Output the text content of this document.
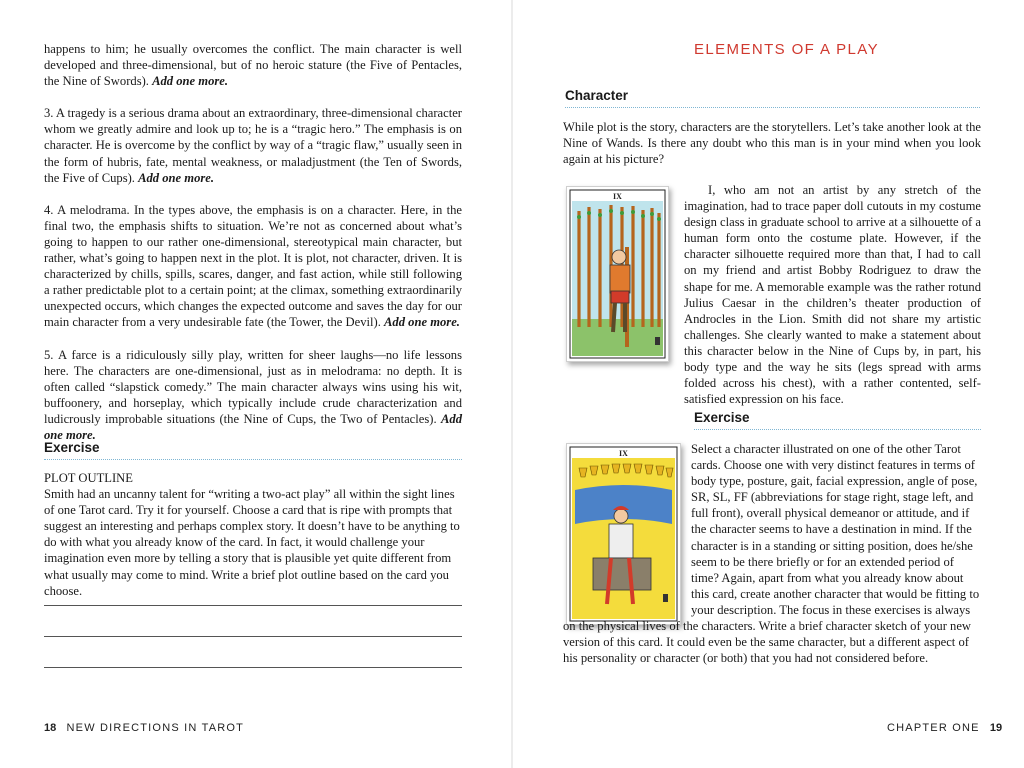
happens to him; he usually overcomes the conflict. The main character is well developed and three-dimensional, but of no heroic stature (the Five of Pentacles, the Nine of Swords). Add one more.

3. A tragedy is a serious drama about an extraordinary, three-dimensional character whom we greatly admire and look up to; he is a “tragic hero.” The emphasis is on character. He is overcome by the conflict by way of a “tragic flaw,” usually seen in the form of hubris, fate, mental weakness, or maladjustment (the Ten of Swords, the Five of Cups). Add one more.

4. A melodrama. In the types above, the emphasis is on a character. Here, in the final two, the emphasis shifts to situation. We’re not as concerned about what’s going to happen to our rather one-dimensional, stereotypical main character, but rather, what’s going to happen next in the plot. It is plot, not character, driven. It is characterized by chills, spills, scares, danger, and fast action, while still following a rather predictable plot to a certain point; at the climax, something extraordinarily unexpected occurs, which changes the expected outcome and saves the day for our main character from a very undesirable fate (the Tower, the Devil). Add one more.

5. A farce is a ridiculously silly play, written for sheer laughs—no life lessons here. The characters are one-dimensional, just as in melodrama: no depth. It is often called “slapstick comedy.” The main character always wins using his wit, buffoonery, and horseplay, which typically include crude characterization and ludicrously improbable situations (the Nine of Cups, the Two of Pentacles). Add one more.

Exercise
PLOT OUTLINE
Smith had an uncanny talent for “writing a two-act play” all within the sight lines of one Tarot card. Try it for yourself. Choose a card that is ripe with prompts that suggest an interesting and perhaps complex story. It doesn’t have to be anything to do with what you already know of the card. In fact, it would challenge your imagination even more by telling a story that is plausible yet quite different from what usually may come to mind. Write a brief plot outline based on the card you choose.
18 NEW DIRECTIONS IN TAROT
ELEMENTS OF A PLAY
Character
While plot is the story, characters are the storytellers. Let’s take another look at the Nine of Wands. Is there any doubt who this man is in your mind when you look again at his picture?
IX	I, who am not an artist by any stretch of the imagination, had to trace paper doll cutouts in my costume design class in graduate school to arrive at a silhouette of a human form onto the costume plate. However, if the character silhouette required more than that, I had to call on my friend and artist Bobby Rodriguez to draw the shape for me. A memorable example was the rather rotund Julius Caesar in the children’s theater production of Androcles in the Lion. Smith did not share my artistic challenges. She clearly wanted to make a statement about this character below in the Nine of Cups by, in part, his body type and the way he sits (legs spread with arms folded across his chest), with a rather contented, self-satisfied expression on his face.
Exercise
IX	Select a character illustrated on one of the other Tarot cards. Choose one with very distinct features in terms of body type, posture, gait, facial expression, angle of pose, SR, SL, FF (abbreviations for stage right, stage left, and full front), overall physical demeanor or attitude, and if the character seems to have a destination in mind. If the character is in a standing or sitting position, does he/she seem to be there briefly or for an extended period of time? Again, apart from what you already know about this card, create another character that would be fitting to your description. The focus in these exercises is always on the physical lives of the characters. Write a brief character sketch of your new version of this card. It could even be the same character, but a different aspect of his personality or character (or both) that you had not considered before.
CHAPTER ONE 19
